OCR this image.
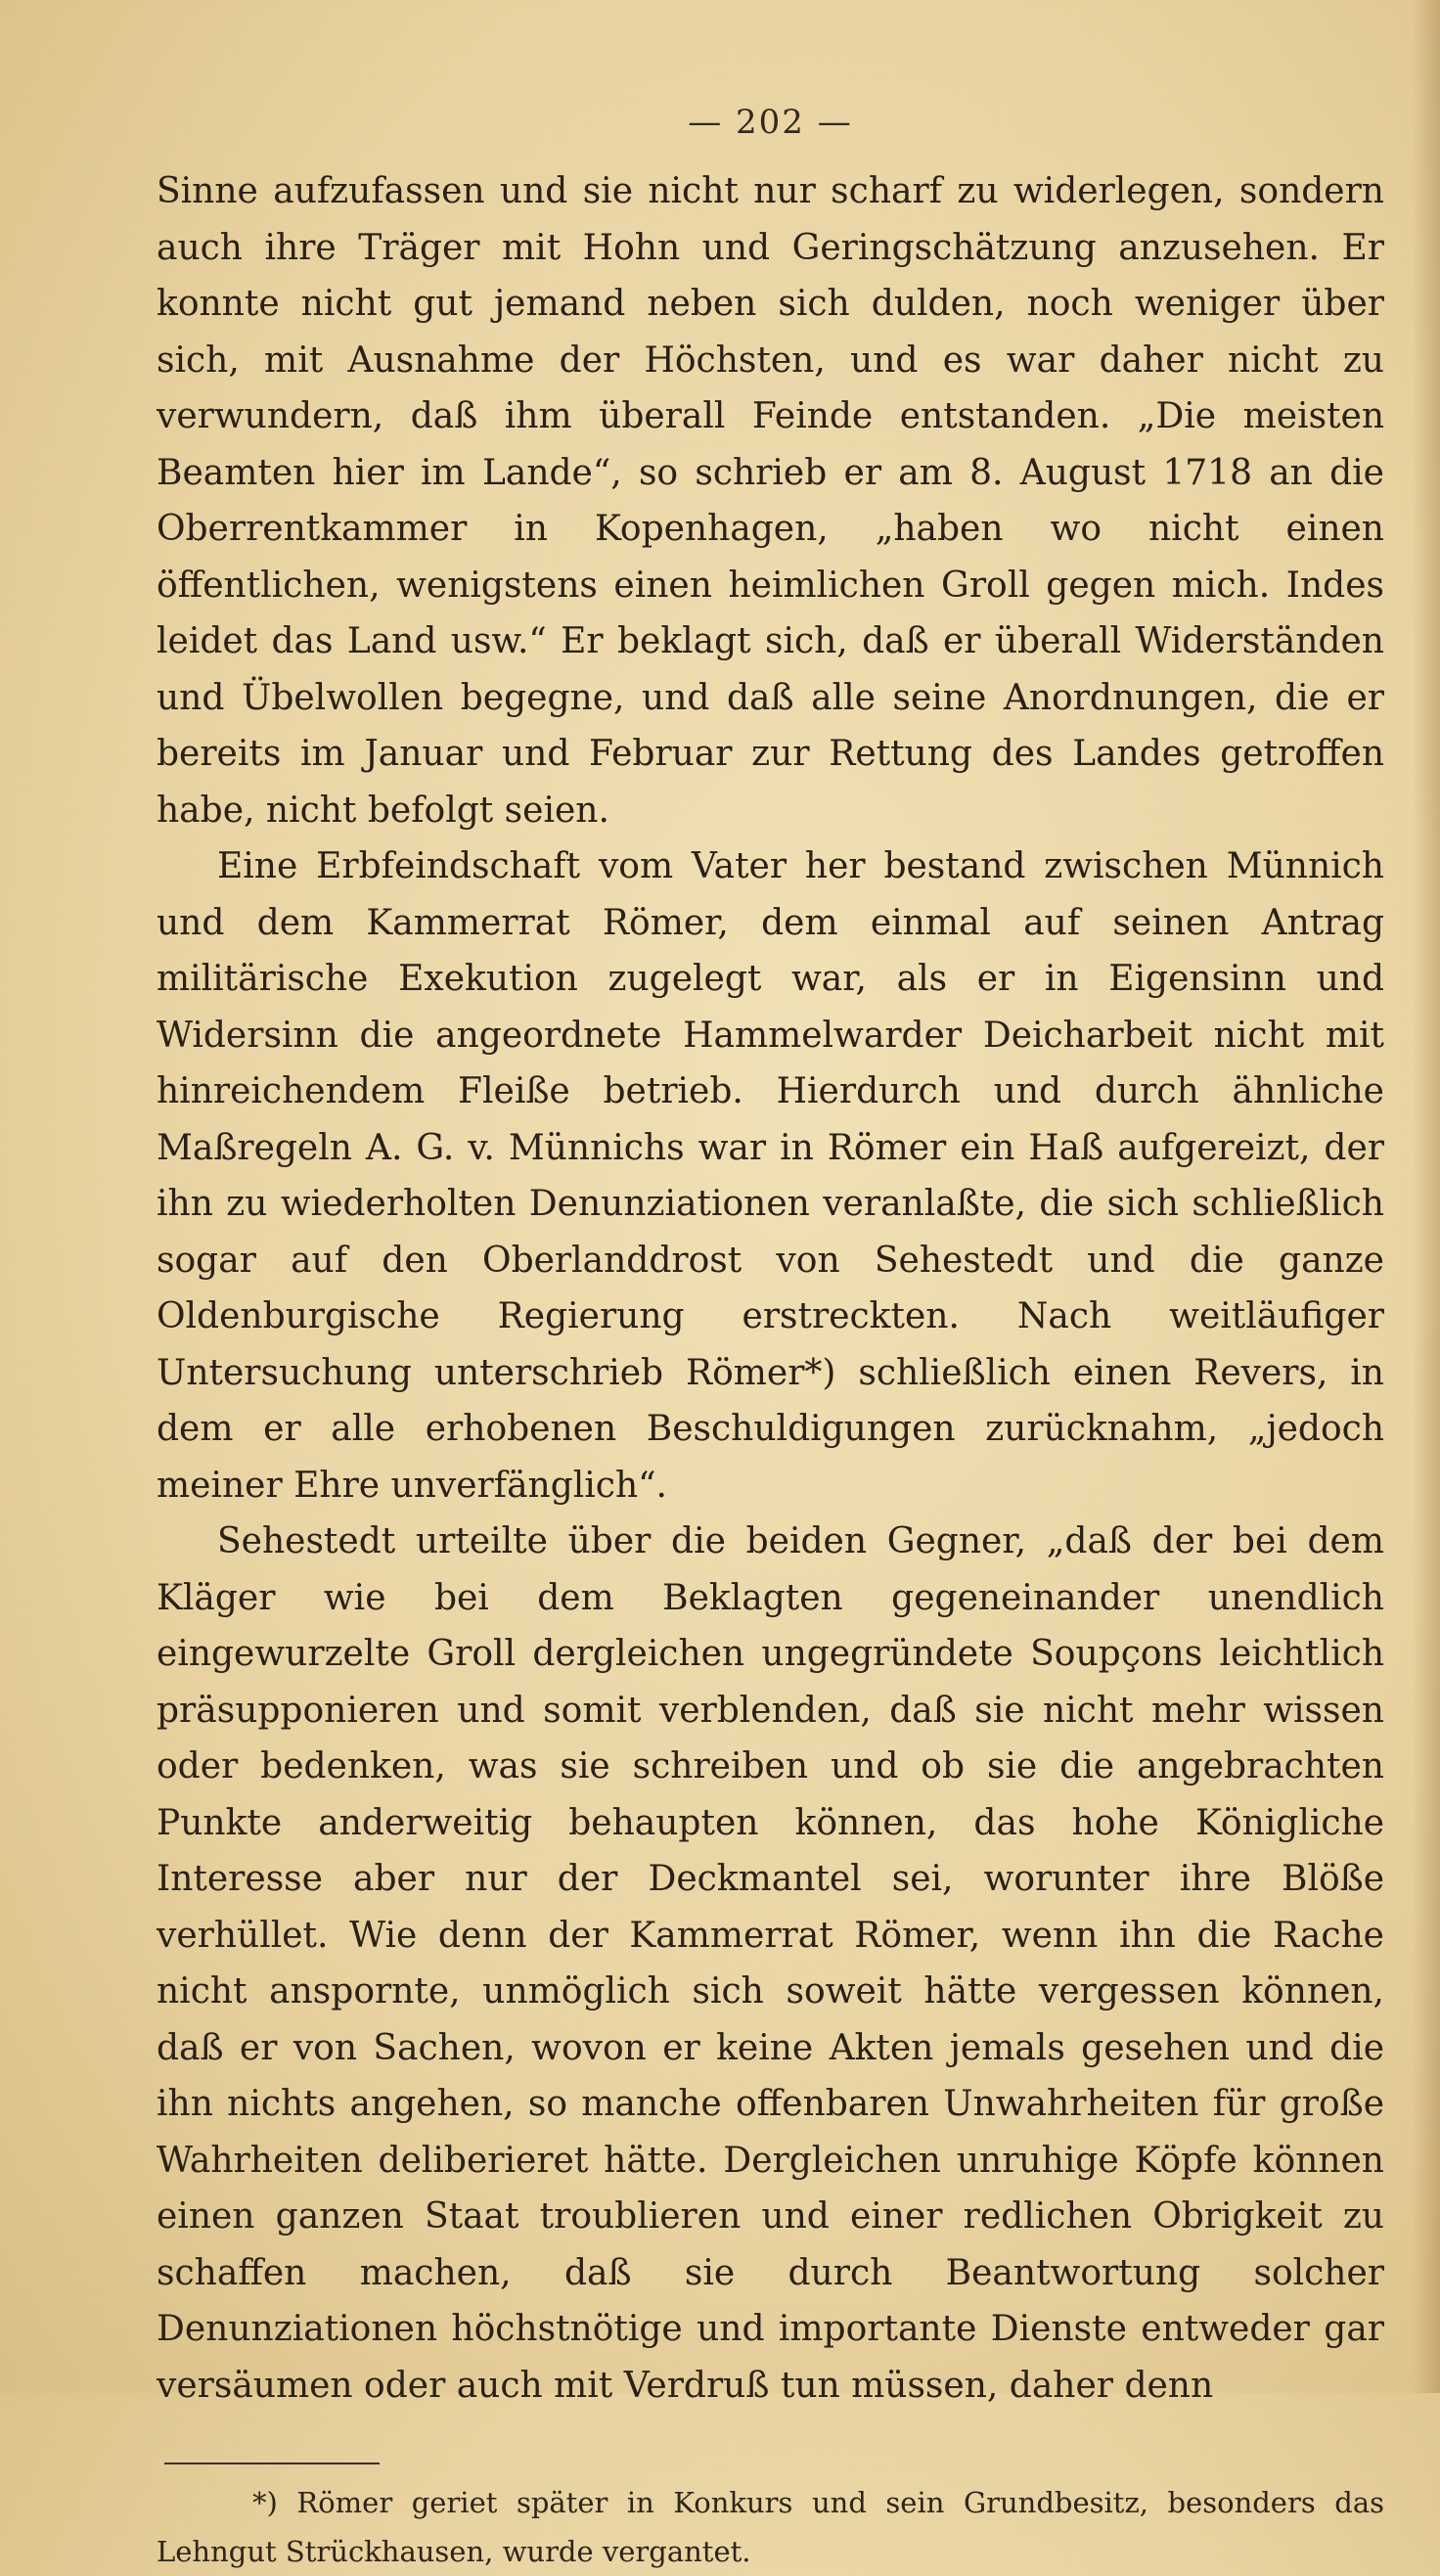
— 202 —

Sinne aufzufassen und sie nicht nur scharf zu widerlegen, sondern auch ihre Träger mit Hohn und Geringschätzung anzusehen. Er konnte nicht gut jemand neben sich dulden, noch weniger über sich, mit Ausnahme der Höchsten, und es war daher nicht zu verwundern, daß ihm überall Feinde entstanden. „Die meisten Beamten hier im Lande“, so schrieb er am 8. August 1718 an die Oberrentkammer in Kopenhagen, „haben wo nicht einen öffentlichen, wenigstens einen heimlichen Groll gegen mich. Indes leidet das Land usw.“ Er beklagt sich, daß er überall Widerständen und Übelwollen begegne, und daß alle seine Anordnungen, die er bereits im Januar und Februar zur Rettung des Landes getroffen habe, nicht befolgt seien.

Eine Erbfeindschaft vom Vater her bestand zwischen Münnich und dem Kammerrat Römer, dem einmal auf seinen Antrag militärische Exekution zugelegt war, als er in Eigensinn und Widersinn die angeordnete Hammelwarder Deicharbeit nicht mit hinreichendem Fleiße betrieb. Hierdurch und durch ähnliche Maßregeln A. G. v. Münnichs war in Römer ein Haß aufgereizt, der ihn zu wiederholten Denunziationen veranlaßte, die sich schließlich sogar auf den Oberlanddrost von Sehestedt und die ganze Oldenburgische Regierung erstreckten. Nach weitläufiger Untersuchung unterschrieb Römer*) schließlich einen Revers, in dem er alle erhobenen Beschuldigungen zurücknahm, „jedoch meiner Ehre unverfänglich“.

Sehestedt urteilte über die beiden Gegner, „daß der bei dem Kläger wie bei dem Beklagten gegeneinander unendlich eingewurzelte Groll dergleichen ungegründete Soupçons leichtlich präsupponieren und somit verblenden, daß sie nicht mehr wissen oder bedenken, was sie schreiben und ob sie die angebrachten Punkte anderweitig behaupten können, das hohe Königliche Interesse aber nur der Deckmantel sei, worunter ihre Blöße verhüllet. Wie denn der Kammerrat Römer, wenn ihn die Rache nicht anspornte, unmöglich sich soweit hätte vergessen können, daß er von Sachen, wovon er keine Akten jemals gesehen und die ihn nichts angehen, so manche offenbaren Unwahrheiten für große Wahrheiten deliberieret hätte. Dergleichen unruhige Köpfe können einen ganzen Staat troublieren und einer redlichen Obrigkeit zu schaffen machen, daß sie durch Beantwortung solcher Denunziationen höchstnötige und importante Dienste entweder gar versäumen oder auch mit Verdruß tun müssen, daher denn

*) Römer geriet später in Konkurs und sein Grundbesitz, besonders das Lehngut Strückhausen, wurde vergantet.
